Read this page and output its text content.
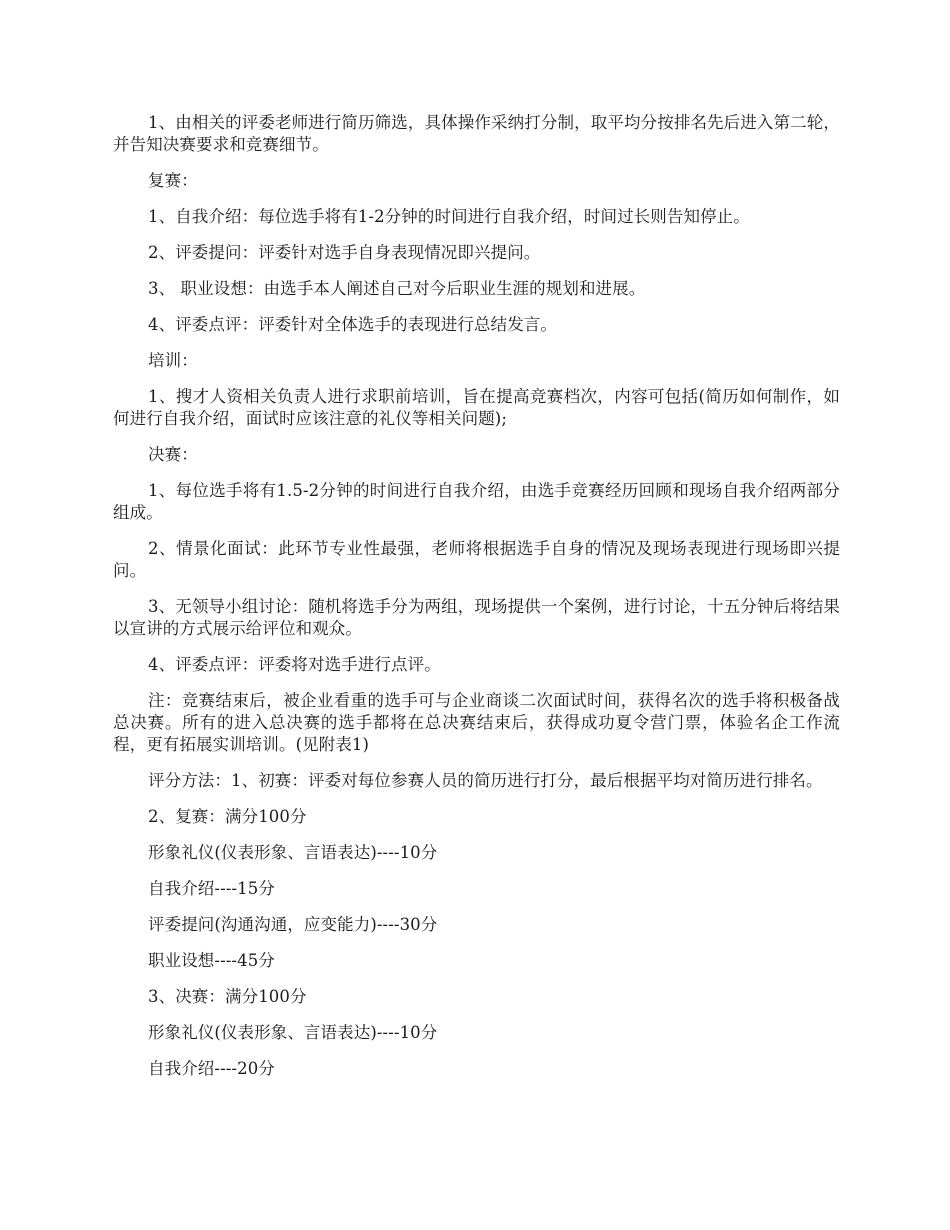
1、由相关的评委老师进行简历筛选，具体操作采纳打分制，取平均分按排名先后进入第二轮，并告知决赛要求和竞赛细节。

复赛：

1、自我介绍：每位选手将有1-2分钟的时间进行自我介绍，时间过长则告知停止。

2、评委提问：评委针对选手自身表现情况即兴提问。

3、 职业设想：由选手本人阐述自己对今后职业生涯的规划和进展。

4、评委点评：评委针对全体选手的表现进行总结发言。

培训：

1、搜才人资相关负责人进行求职前培训，旨在提高竞赛档次，内容可包括(简历如何制作，如何进行自我介绍，面试时应该注意的礼仪等相关问题);

决赛：

1、每位选手将有1.5-2分钟的时间进行自我介绍，由选手竞赛经历回顾和现场自我介绍两部分组成。

2、情景化面试：此环节专业性最强，老师将根据选手自身的情况及现场表现进行现场即兴提问。

3、无领导小组讨论：随机将选手分为两组，现场提供一个案例，进行讨论，十五分钟后将结果以宣讲的方式展示给评位和观众。

4、评委点评：评委将对选手进行点评。

注：竞赛结束后，被企业看重的选手可与企业商谈二次面试时间，获得名次的选手将积极备战总决赛。所有的进入总决赛的选手都将在总决赛结束后，获得成功夏令营门票，体验名企工作流程，更有拓展实训培训。(见附表1)

评分方法：1、初赛：评委对每位参赛人员的简历进行打分，最后根据平均对简历进行排名。

2、复赛：满分100分

形象礼仪(仪表形象、言语表达)----10分

自我介绍----15分

评委提问(沟通沟通，应变能力)----30分

职业设想----45分

3、决赛：满分100分

形象礼仪(仪表形象、言语表达)----10分

自我介绍----20分
